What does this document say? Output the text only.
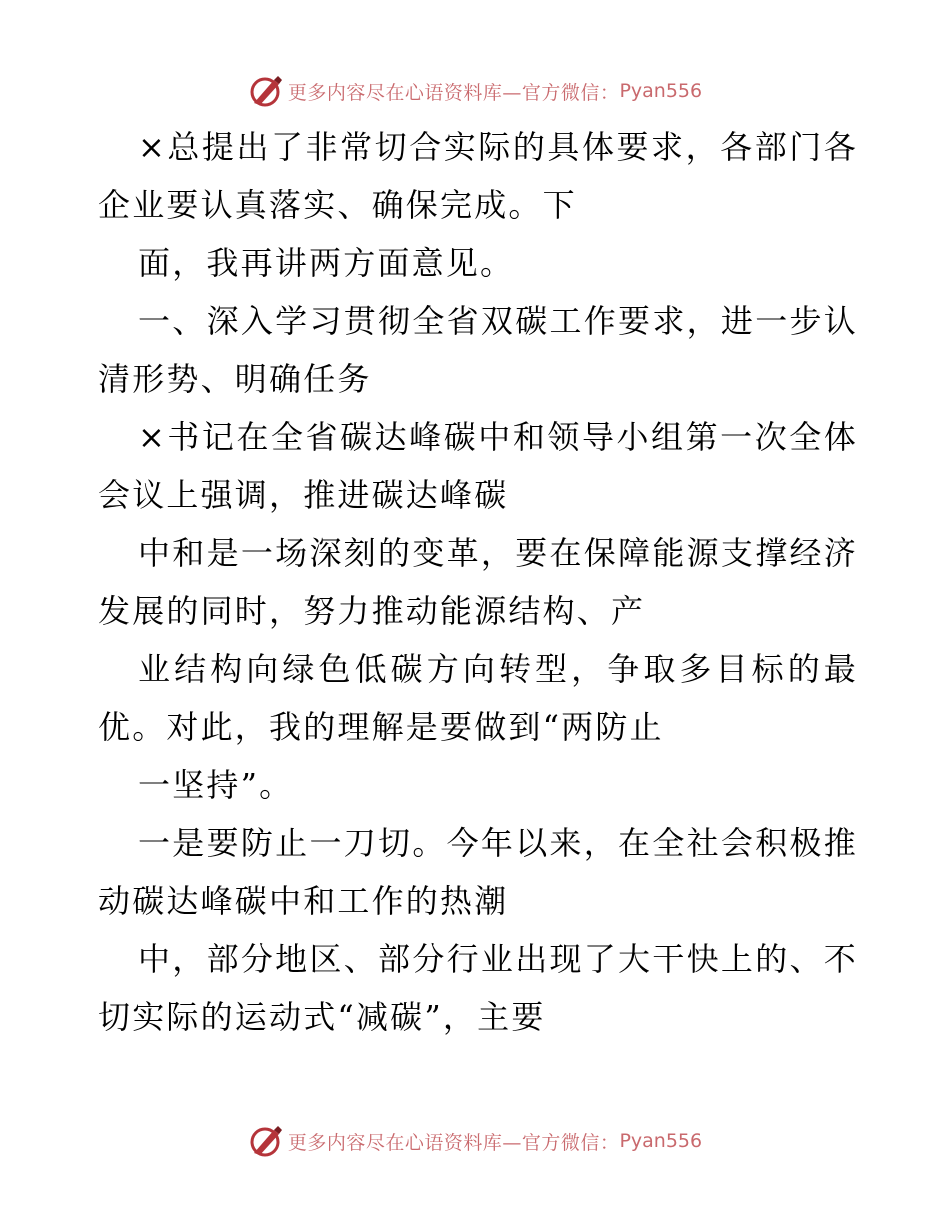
更多内容尽在心语资料库— 官方微信： Pyan556

×总提出了非常切合实际的具体要求，各部门各企业要认真落实、确保完成。下

面，我再讲两方面意见。

一、深入学习贯彻全省双碳工作要求，进一步认清形势、明确任务

×书记在全省碳达峰碳中和领导小组第一次全体会议上强调，推进碳达峰碳

中和是一场深刻的变革，要在保障能源支撑经济发展的同时，努力推动能源结构、产

业结构向绿色低碳方向转型，争取多目标的最优。对此，我的理解是要做到“两防止

一坚持”。

一是要防止一刀切。今年以来，在全社会积极推动碳达峰碳中和工作的热潮

中，部分地区、部分行业出现了大干快上的、不切实际的运动式“减碳”，主要

更多内容尽在心语资料库— 官方微信： Pyan556
